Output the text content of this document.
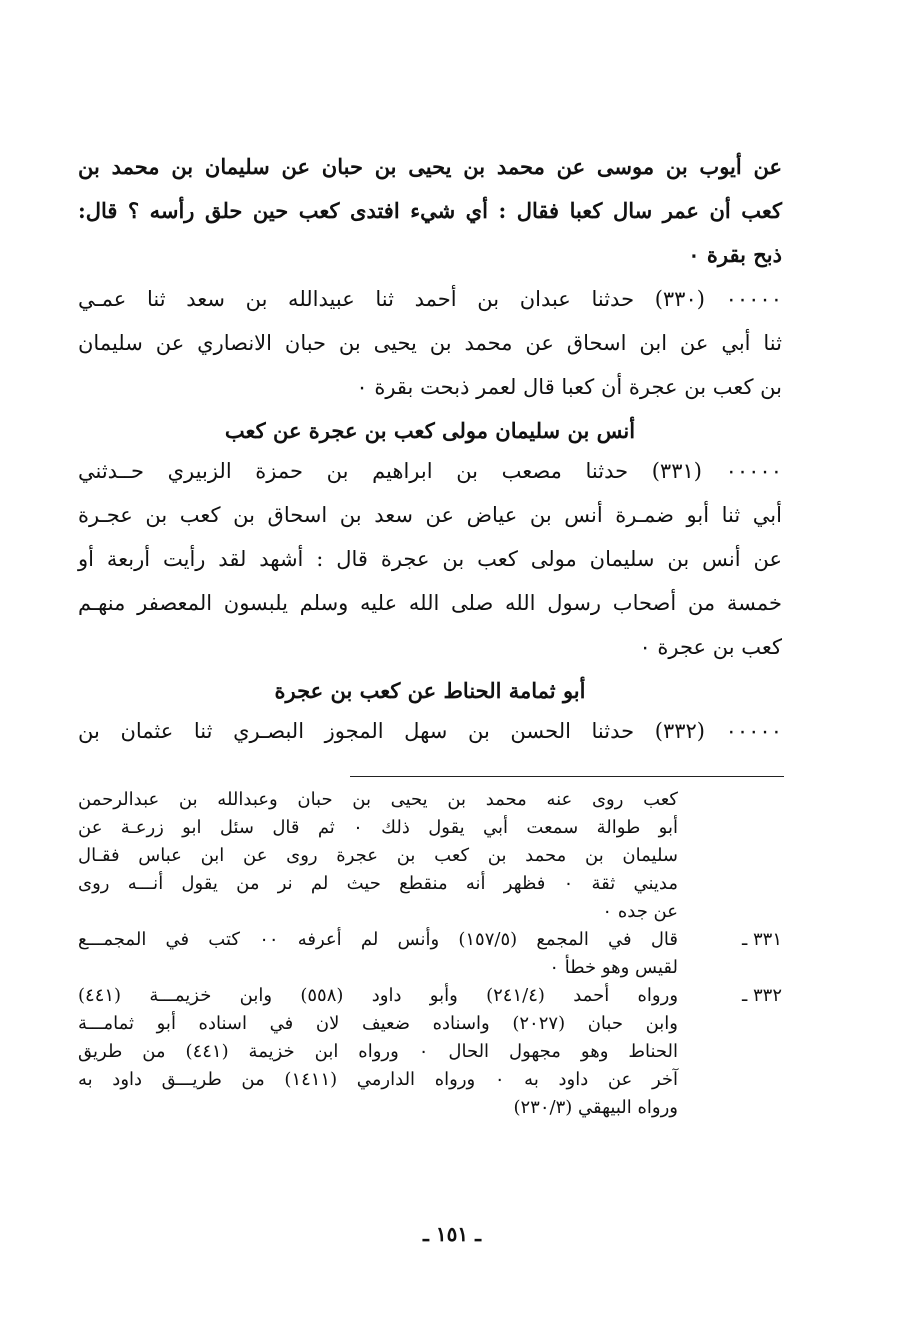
عن أيوب بن موسى عن محمد بن يحيى بن حبان عن سليمان بن محمد بن
كعب أن عمر سال كعبا فقال : أي شيء افتدى كعب حين حلق رأسه ؟ قال:
ذبح بقرة ٠
٠٠٠٠٠ (٣٣٠) حدثنا عبدان بن أحمد ثنا عبيدالله بن سعد ثنا عمـي
ثنا أبي عن ابن اسحاق عن محمد بن يحيى بن حبان الانصاري عن سليمان
بن كعب بن عجرة أن كعبا قال لعمر ذبحت بقرة ٠
أنس بن سليمان مولى كعب بن عجرة عن كعب
٠٠٠٠٠ (٣٣١) حدثنا مصعب بن ابراهيم بن حمزة الزبيري حــدثني
أبي ثنا أبو ضمـرة أنس بن عياض عن سعد بن اسحاق بن كعب بن عجـرة
عن أنس بن سليمان مولى كعب بن عجرة قال : أشهد لقد رأيت أربعة أو
خمسة من أصحاب رسول الله صلى الله عليه وسلم يلبسون المعصفر منهـم
كعب بن عجرة ٠
أبو ثمامة الحناط عن كعب بن عجرة
٠٠٠٠٠ (٣٣٢) حدثنا الحسن بن سهل المجوز البصـري ثنا عثمان بن
كعب روى عنه محمد بن يحيى بن حبان وعبدالله بن عبدالرحمن
أبو طوالة سمعت أبي يقول ذلك ٠ ثم قال سئل ابو زرعـة عن
سليمان بن محمد بن كعب بن عجرة روى عن ابن عباس فقـال
مديني ثقة ٠ فظهر أنه منقطع حيث لم نر من يقول أنـــه روى
عن جده ٠
٣٣١ ـ
قال في المجمع (١٥٧/٥) وأنس لم أعرفه ٠٠ كتب في المجمـــع
لقيس وهو خطأ ٠
٣٣٢ ـ
ورواه أحمد (٢٤١/٤) وأبو داود (٥٥٨) وابن خزيمـــة (٤٤١)
وابن حبان (٢٠٢٧) واسناده ضعيف لان في اسناده أبو ثمامـــة
الحناط وهو مجهول الحال ٠ ورواه ابن خزيمة (٤٤١) من طريق
آخر عن داود به ٠ ورواه الدارمي (١٤١١) من طريـــق داود به
ورواه البيهقي (٢٣٠/٣)
ـ ١٥١ ـ
